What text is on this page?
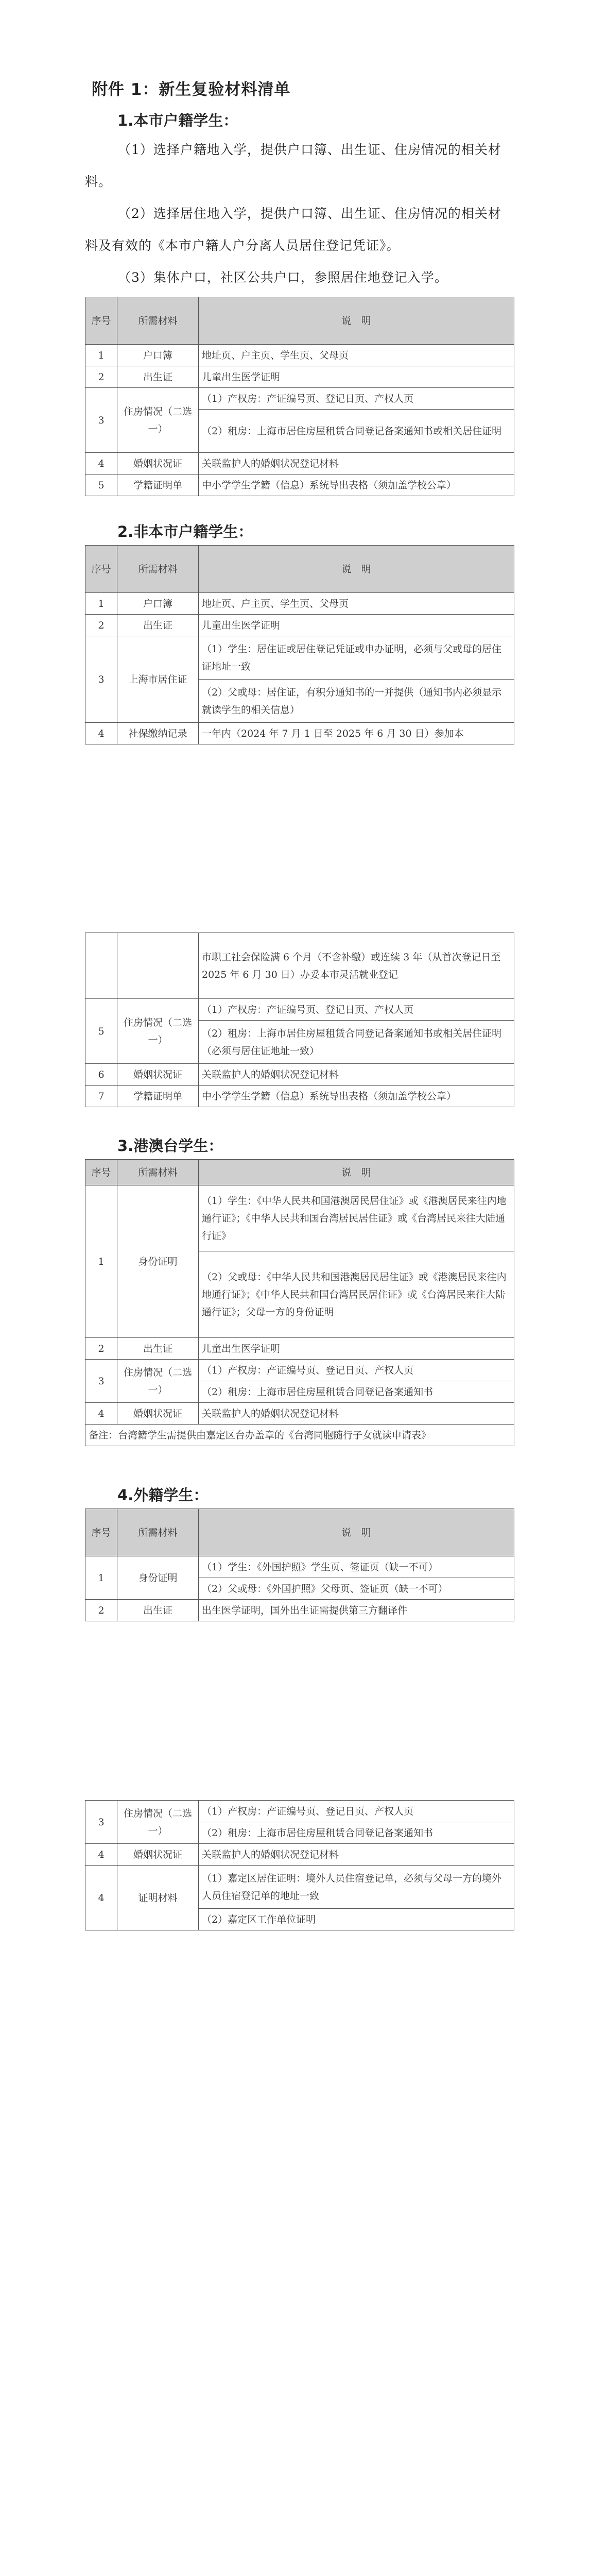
附件 1：新生复验材料清单
1.本市户籍学生：
（1）选择户籍地入学，提供户口簿、出生证、住房情况的相关材料。
（2）选择居住地入学，提供户口簿、出生证、住房情况的相关材料及有效的《本市户籍人户分离人员居住登记凭证》。
（3）集体户口，社区公共户口，参照居住地登记入学。
序号	所需材料	说　明
1	户口簿	地址页、户主页、学生页、父母页
2	出生证	儿童出生医学证明
3	住房情况（二选一）	（1）产权房：产证编号页、登记日页、产权人页
		（2）租房：上海市居住房屋租赁合同登记备案通知书或相关居住证明
4	婚姻状况证	关联监护人的婚姻状况登记材料
5	学籍证明单	中小学学生学籍（信息）系统导出表格（须加盖学校公章）
2.非本市户籍学生：
序号	所需材料	说　明
1	户口簿	地址页、户主页、学生页、父母页
2	出生证	儿童出生医学证明
3	上海市居住证	（1）学生：居住证或居住登记凭证或申办证明，必须与父或母的居住证地址一致
		（2）父或母：居住证，有积分通知书的一并提供（通知书内必须显示就读学生的相关信息）
4	社保缴纳记录	一年内（2024 年 7 月 1 日至 2025 年 6 月 30 日）参加本
		市职工社会保险满 6 个月（不含补缴）或连续 3 年（从首次登记日至 2025 年 6 月 30 日）办妥本市灵活就业登记
5	住房情况（二选一）	（1）产权房：产证编号页、登记日页、产权人页
		（2）租房：上海市居住房屋租赁合同登记备案通知书或相关居住证明（必须与居住证地址一致）
6	婚姻状况证	关联监护人的婚姻状况登记材料
7	学籍证明单	中小学学生学籍（信息）系统导出表格（须加盖学校公章）
3.港澳台学生：
序号	所需材料	说　明
1	身份证明	（1）学生：《中华人民共和国港澳居民居住证》或《港澳居民来往内地通行证》；《中华人民共和国台湾居民居住证》或《台湾居民来往大陆通行证》
		（2）父或母：《中华人民共和国港澳居民居住证》或《港澳居民来往内地通行证》；《中华人民共和国台湾居民居住证》或《台湾居民来往大陆通行证》；父母一方的身份证明
2	出生证	儿童出生医学证明
3	住房情况（二选一）	（1）产权房：产证编号页、登记日页、产权人页
		（2）租房：上海市居住房屋租赁合同登记备案通知书
4	婚姻状况证	关联监护人的婚姻状况登记材料
备注：台湾籍学生需提供由嘉定区台办盖章的《台湾同胞随行子女就读申请表》		
4.外籍学生：
序号	所需材料	说　明
1	身份证明	（1）学生：《外国护照》学生页、签证页（缺一不可）
		（2）父或母：《外国护照》父母页、签证页（缺一不可）
2	出生证	出生医学证明，国外出生证需提供第三方翻译件
3	住房情况（二选一）	（1）产权房：产证编号页、登记日页、产权人页
		（2）租房：上海市居住房屋租赁合同登记备案通知书
4	婚姻状况证	关联监护人的婚姻状况登记材料
4	证明材料	（1）嘉定区居住证明：境外人员住宿登记单，必须与父母一方的境外人员住宿登记单的地址一致
		（2）嘉定区工作单位证明
